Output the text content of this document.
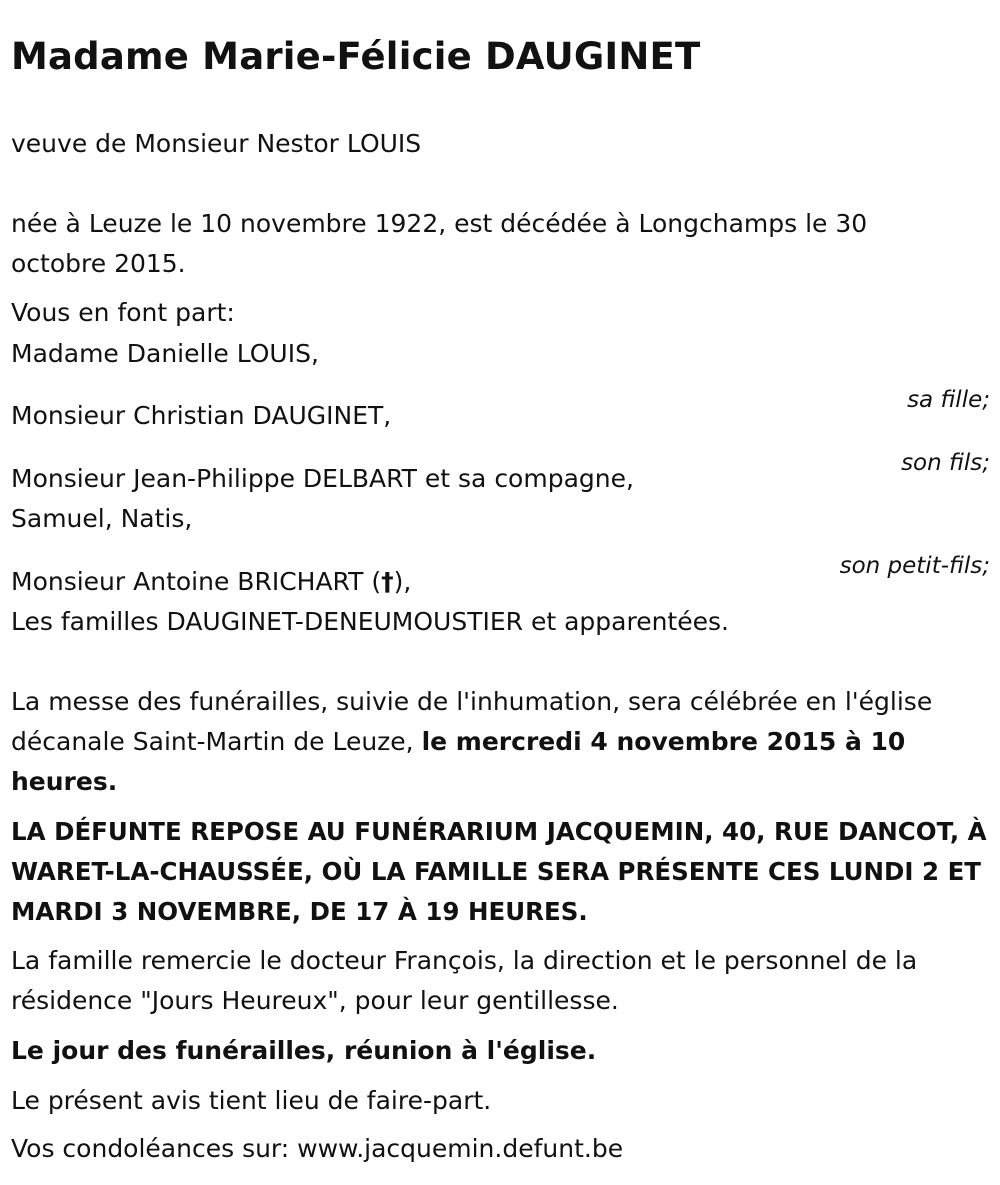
Madame Marie-Félicie DAUGINET

veuve de Monsieur Nestor LOUIS

née à Leuze le 10 novembre 1922, est décédée à Longchamps le 30

octobre 2015.

Vous en font part:

Madame Danielle LOUIS,

sa fille;

Monsieur Christian DAUGINET,

son fils;

Monsieur Jean-Philippe DELBART et sa compagne,

Samuel, Natis,

son petit-fils;

Monsieur Antoine BRICHART (†),

Les familles DAUGINET-DENEUMOUSTIER et apparentées.

La messe des funérailles, suivie de l'inhumation, sera célébrée en l'église

décanale Saint-Martin de Leuze, le mercredi 4 novembre 2015 à 10

heures.

LA DÉFUNTE REPOSE AU FUNÉRARIUM JACQUEMIN, 40, RUE DANCOT, À

WARET-LA-CHAUSSÉE, OÙ LA FAMILLE SERA PRÉSENTE CES LUNDI 2 ET

MARDI 3 NOVEMBRE, DE 17 À 19 HEURES.

La famille remercie le docteur François, la direction et le personnel de la

résidence "Jours Heureux", pour leur gentillesse.

Le jour des funérailles, réunion à l'église.

Le présent avis tient lieu de faire-part.

Vos condoléances sur: www.jacquemin.defunt.be
